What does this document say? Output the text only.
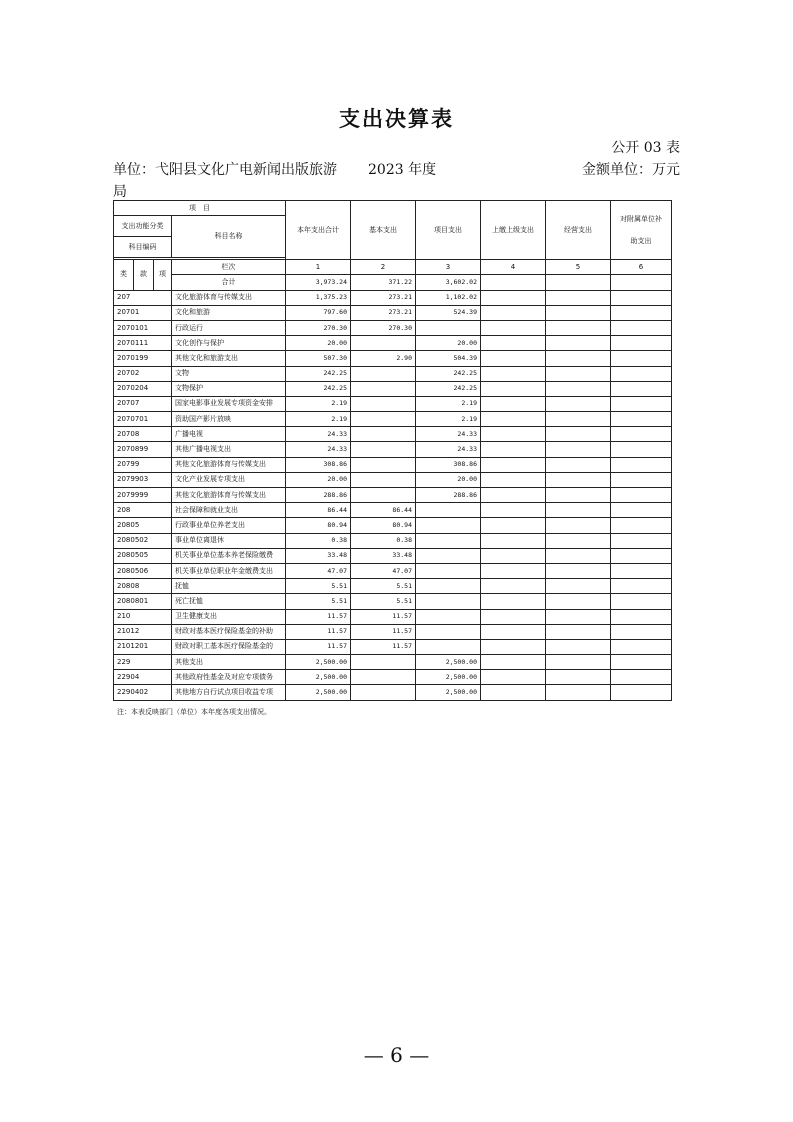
支出决算表
公开 03 表
单位：弋阳县文化广电新闻出版旅游局
2023 年度	金额单位：万元
项　目				本年支出合计	基本支出	项目支出	上缴上级支出	经营支出	对附属单位补
助支出

支出功能分类			科目名称						
科目编码									

类	款	项	栏次	1	2	3	4	5	6
			合计	3,973.24	371.22	3,602.02			
207			文化旅游体育与传媒支出	1,375.23	273.21	1,102.02			
20701			文化和旅游	797.60	273.21	524.39			
2070101			行政运行	270.30	270.30				
2070111			文化创作与保护	20.00		20.00			
2070199			其他文化和旅游支出	507.30	2.90	504.39			
20702			文物	242.25		242.25			
2070204			文物保护	242.25		242.25			
20707			国家电影事业发展专项资金安排	2.19		2.19			
2070701			资助国产影片放映	2.19		2.19			
20708			广播电视	24.33		24.33			
2070899			其他广播电视支出	24.33		24.33			
20799			其他文化旅游体育与传媒支出	308.86		308.86			
2079903			文化产业发展专项支出	20.00		20.00			
2079999			其他文化旅游体育与传媒支出	288.86		288.86			
208			社会保障和就业支出	86.44	86.44				
20805			行政事业单位养老支出	80.94	80.94				
2080502			事业单位离退休	0.38	0.38				
2080505			机关事业单位基本养老保险缴费	33.48	33.48				
2080506			机关事业单位职业年金缴费支出	47.07	47.07				
20808			抚恤	5.51	5.51				
2080801			死亡抚恤	5.51	5.51				
210			卫生健康支出	11.57	11.57				
21012			财政对基本医疗保险基金的补助	11.57	11.57				
2101201			财政对职工基本医疗保险基金的	11.57	11.57				
229			其他支出	2,500.00		2,500.00			
22904			其他政府性基金及对应专项债务	2,500.00		2,500.00			
2290402			其他地方自行试点项目收益专项	2,500.00		2,500.00			
注：本表反映部门（单位）本年度各项支出情况。
— 6 —
